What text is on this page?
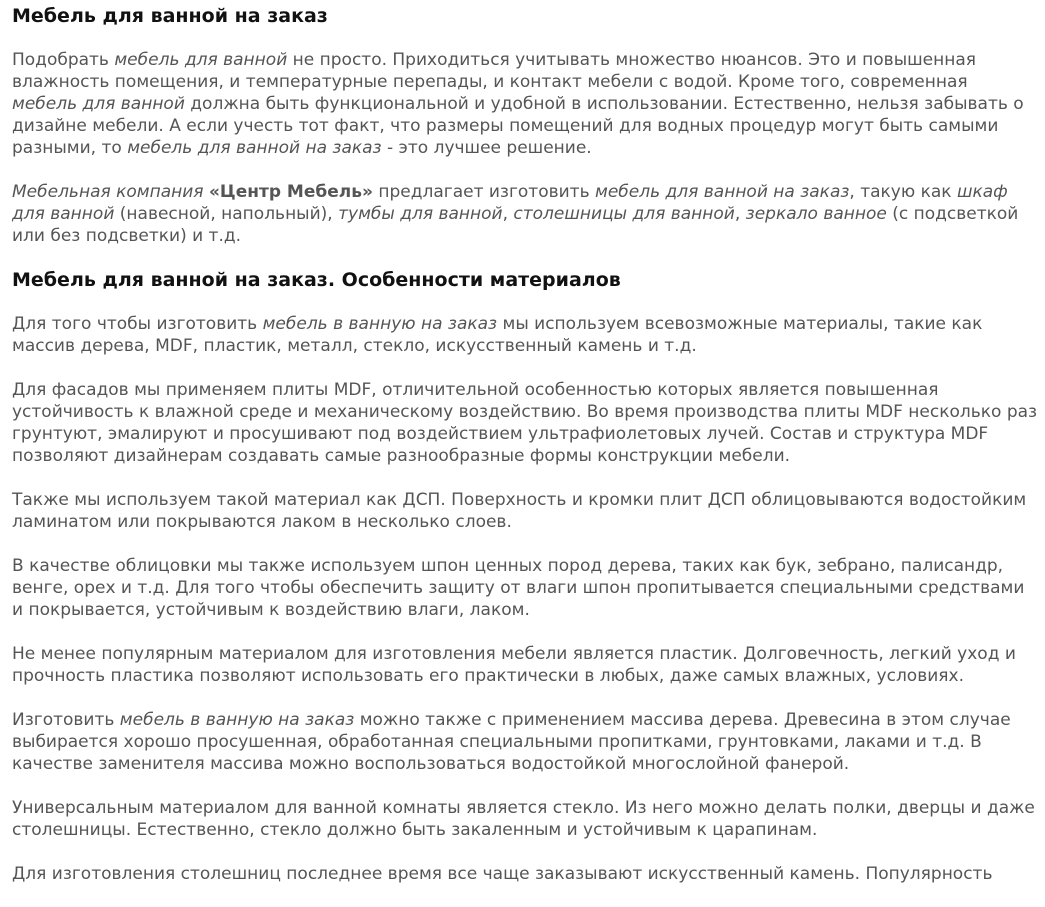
Мебель для ванной на заказ

Подобрать мебель для ванной не просто. Приходиться учитывать множество нюансов. Это и повышенная влажность помещения, и температурные перепады, и контакт мебели с водой. Кроме того, современная мебель для ванной должна быть функциональной и удобной в использовании. Естественно, нельзя забывать о дизайне мебели. А если учесть тот факт, что размеры помещений для водных процедур могут быть самыми разными, то мебель для ванной на заказ - это лучшее решение.

Мебельная компания «Центр Мебель» предлагает изготовить мебель для ванной на заказ, такую как шкаф для ванной (навесной, напольный), тумбы для ванной, столешницы для ванной, зеркало ванное (с подсветкой или без подсветки) и т.д.

Мебель для ванной на заказ. Особенности материалов

Для того чтобы изготовить мебель в ванную на заказ мы используем всевозможные материалы, такие как массив дерева, MDF, пластик, металл, стекло, искусственный камень и т.д.

Для фасадов мы применяем плиты MDF, отличительной особенностью которых является повышенная устойчивость к влажной среде и механическому воздействию. Во время производства плиты MDF несколько раз грунтуют, эмалируют и просушивают под воздействием ультрафиолетовых лучей. Состав и структура MDF позволяют дизайнерам создавать самые разнообразные формы конструкции мебели.

Также мы используем такой материал как ДСП. Поверхность и кромки плит ДСП облицовываются водостойким ламинатом или покрываются лаком в несколько слоев.

В качестве облицовки мы также используем шпон ценных пород дерева, таких как бук, зебрано, палисандр, венге, орех и т.д. Для того чтобы обеспечить защиту от влаги шпон пропитывается специальными средствами и покрывается, устойчивым к воздействию влаги, лаком.

Не менее популярным материалом для изготовления мебели является пластик. Долговечность, легкий уход и прочность пластика позволяют использовать его практически в любых, даже самых влажных, условиях.

Изготовить мебель в ванную на заказ можно также с применением массива дерева. Древесина в этом случае выбирается хорошо просушенная, обработанная специальными пропитками, грунтовками, лаками и т.д. В качестве заменителя массива можно воспользоваться водостойкой многослойной фанерой.

Универсальным материалом для ванной комнаты является стекло. Из него можно делать полки, дверцы и даже столешницы. Естественно, стекло должно быть закаленным и устойчивым к царапинам.

Для изготовления столешниц последнее время все чаще заказывают искусственный камень. Популярность
